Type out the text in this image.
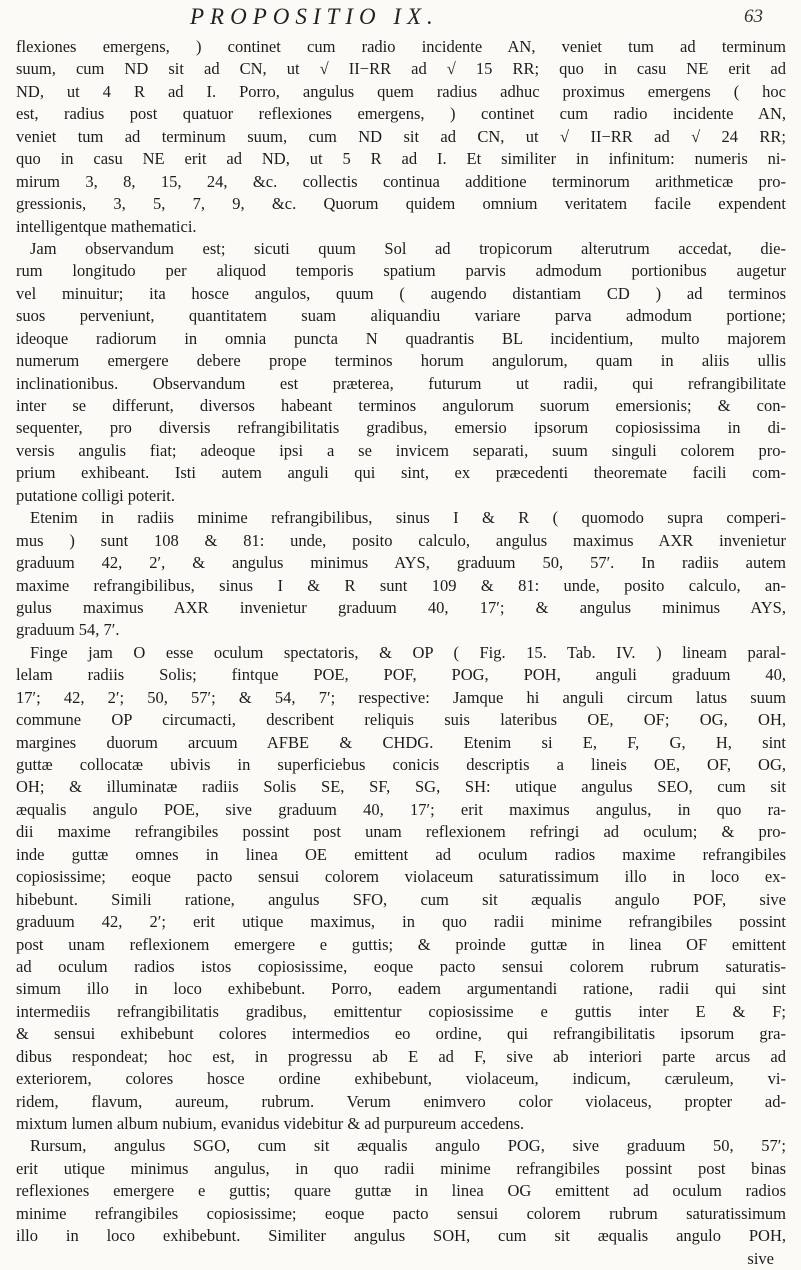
PROPOSITIO IX.	63
flexiones emergens, ) continet cum radio incidente AN, veniet tum ad terminum
suum, cum ND sit ad CN, ut √ II−RR ad √ 15 RR; quo in casu NE erit ad
ND, ut 4 R ad I. Porro, angulus quem radius adhuc proximus emergens ( hoc
est, radius post quatuor reflexiones emergens, ) continet cum radio incidente AN,
veniet tum ad terminum suum, cum ND sit ad CN, ut √ II−RR ad √ 24 RR;
quo in casu NE erit ad ND, ut 5 R ad I. Et similiter in infinitum: numeris ni-
mirum 3, 8, 15, 24, &c. collectis continua additione terminorum arithmeticæ pro-
gressionis, 3, 5, 7, 9, &c. Quorum quidem omnium veritatem facile expendent
intelligentque mathematici.
Jam observandum est; sicuti quum Sol ad tropicorum alterutrum accedat, die-
rum longitudo per aliquod temporis spatium parvis admodum portionibus augetur
vel minuitur; ita hosce angulos, quum ( augendo distantiam CD ) ad terminos
suos perveniunt, quantitatem suam aliquandiu variare parva admodum portione;
ideoque radiorum in omnia puncta N quadrantis BL incidentium, multo majorem
numerum emergere debere prope terminos horum angulorum, quam in aliis ullis
inclinationibus. Observandum est præterea, futurum ut radii, qui refrangibilitate
inter se differunt, diversos habeant terminos angulorum suorum emersionis; & con-
sequenter, pro diversis refrangibilitatis gradibus, emersio ipsorum copiosissima in di-
versis angulis fiat; adeoque ipsi a se invicem separati, suum singuli colorem pro-
prium exhibeant. Isti autem anguli qui sint, ex præcedenti theoremate facili com-
putatione colligi poterit.
Etenim in radiis minime refrangibilibus, sinus I & R ( quomodo supra comperi-
mus ) sunt 108 & 81: unde, posito calculo, angulus maximus AXR invenietur
graduum 42, 2′, & angulus minimus AYS, graduum 50, 57′. In radiis autem
maxime refrangibilibus, sinus I & R sunt 109 & 81: unde, posito calculo, an-
gulus maximus AXR invenietur graduum 40, 17′; & angulus minimus AYS,
graduum 54, 7′.
Finge jam O esse oculum spectatoris, & OP ( Fig. 15. Tab. IV. ) lineam paral-
lelam radiis Solis; fintque POE, POF, POG, POH, anguli graduum 40,
17′; 42, 2′; 50, 57′; & 54, 7′; respective: Jamque hi anguli circum latus suum
commune OP circumacti, describent reliquis suis lateribus OE, OF; OG, OH,
margines duorum arcuum AFBE & CHDG. Etenim si E, F, G, H, sint
guttæ collocatæ ubivis in superficiebus conicis descriptis a lineis OE, OF, OG,
OH; & illuminatæ radiis Solis SE, SF, SG, SH: utique angulus SEO, cum sit
æqualis angulo POE, sive graduum 40, 17′; erit maximus angulus, in quo ra-
dii maxime refrangibiles possint post unam reflexionem refringi ad oculum; & pro-
inde guttæ omnes in linea OE emittent ad oculum radios maxime refrangibiles
copiosissime; eoque pacto sensui colorem violaceum saturatissimum illo in loco ex-
hibebunt. Simili ratione, angulus SFO, cum sit æqualis angulo POF, sive
graduum 42, 2′; erit utique maximus, in quo radii minime refrangibiles possint
post unam reflexionem emergere e guttis; & proinde guttæ in linea OF emittent
ad oculum radios istos copiosissime, eoque pacto sensui colorem rubrum saturatis-
simum illo in loco exhibebunt. Porro, eadem argumentandi ratione, radii qui sint
intermediis refrangibilitatis gradibus, emittentur copiosissime e guttis inter E & F;
& sensui exhibebunt colores intermedios eo ordine, qui refrangibilitatis ipsorum gra-
dibus respondeat; hoc est, in progressu ab E ad F, sive ab interiori parte arcus ad
exteriorem, colores hosce ordine exhibebunt, violaceum, indicum, cæruleum, vi-
ridem, flavum, aureum, rubrum. Verum enimvero color violaceus, propter ad-
mixtum lumen album nubium, evanidus videbitur & ad purpureum accedens.
Rursum, angulus SGO, cum sit æqualis angulo POG, sive graduum 50, 57′;
erit utique minimus angulus, in quo radii minime refrangibiles possint post binas
reflexiones emergere e guttis; quare guttæ in linea OG emittent ad oculum radios
minime refrangibiles copiosissime; eoque pacto sensui colorem rubrum saturatissimum
illo in loco exhibebunt. Similiter angulus SOH, cum sit æqualis angulo POH,
sive
